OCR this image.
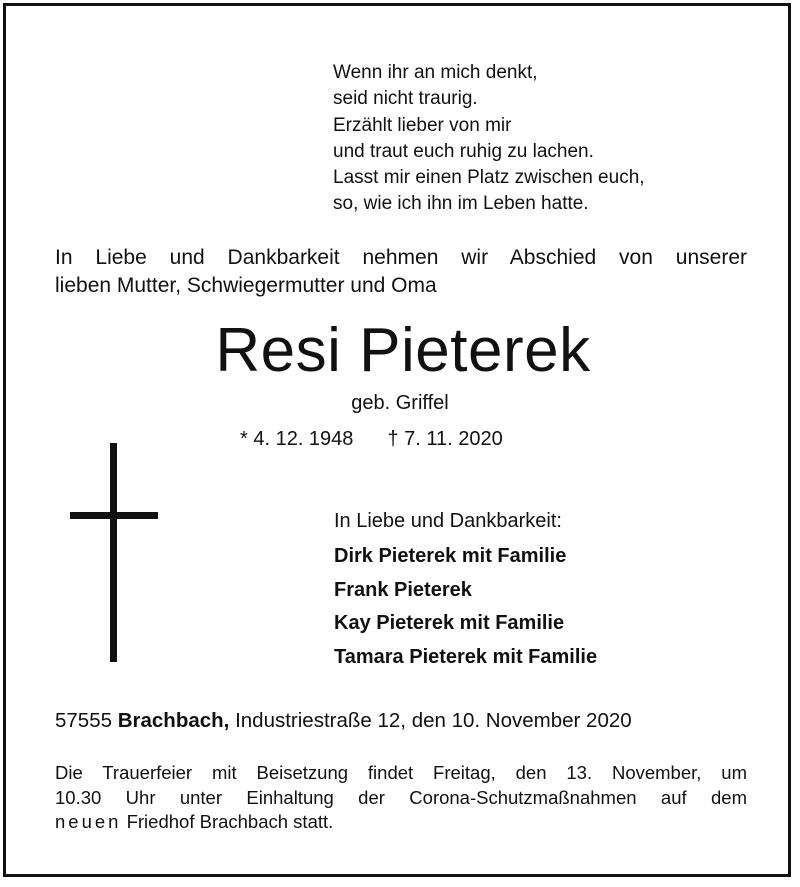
Wenn ihr an mich denkt,
seid nicht traurig.
Erzählt lieber von mir
und traut euch ruhig zu lachen.
Lasst mir einen Platz zwischen euch,
so, wie ich ihn im Leben hatte.
In Liebe und Dankbarkeit nehmen wir Abschied von unserer
lieben Mutter, Schwiegermutter und Oma
Resi Pieterek
geb. Griffel
* 4. 12. 1948 † 7. 11. 2020
In Liebe und Dankbarkeit:
Dirk Pieterek mit Familie
Frank Pieterek
Kay Pieterek mit Familie
Tamara Pieterek mit Familie
57555 Brachbach, Industriestraße 12, den 10. November 2020
Die Trauerfeier mit Beisetzung findet Freitag, den 13. November, um
10.30 Uhr unter Einhaltung der Corona-Schutzmaßnahmen auf dem
neuen Friedhof Brachbach statt.
